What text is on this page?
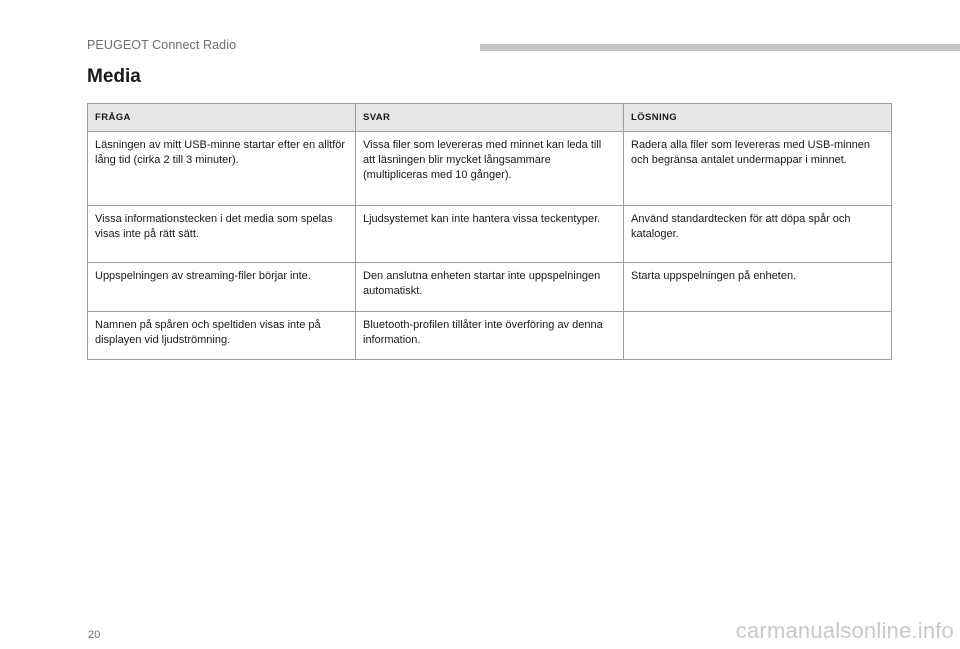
PEUGEOT Connect Radio
Media
FRÅGA	SVAR	LÖSNING
Läsningen av mitt USB-minne startar efter en alltför lång tid (cirka 2 till 3 minuter).	Vissa filer som levereras med minnet kan leda till att läsningen blir mycket långsammare (multipliceras med 10 gånger).	Radera alla filer som levereras med USB-minnen och begränsa antalet undermappar i minnet.
Vissa informationstecken i det media som spelas visas inte på rätt sätt.	Ljudsystemet kan inte hantera vissa teckentyper.	Använd standardtecken för att döpa spår och kataloger.
Uppspelningen av streaming-filer börjar inte.	Den anslutna enheten startar inte uppspelningen automatiskt.	Starta uppspelningen på enheten.
Namnen på spåren och speltiden visas inte på displayen vid ljudströmning.	Bluetooth-profilen tillåter inte överföring av denna information.	
20	carmanualsonline.info
